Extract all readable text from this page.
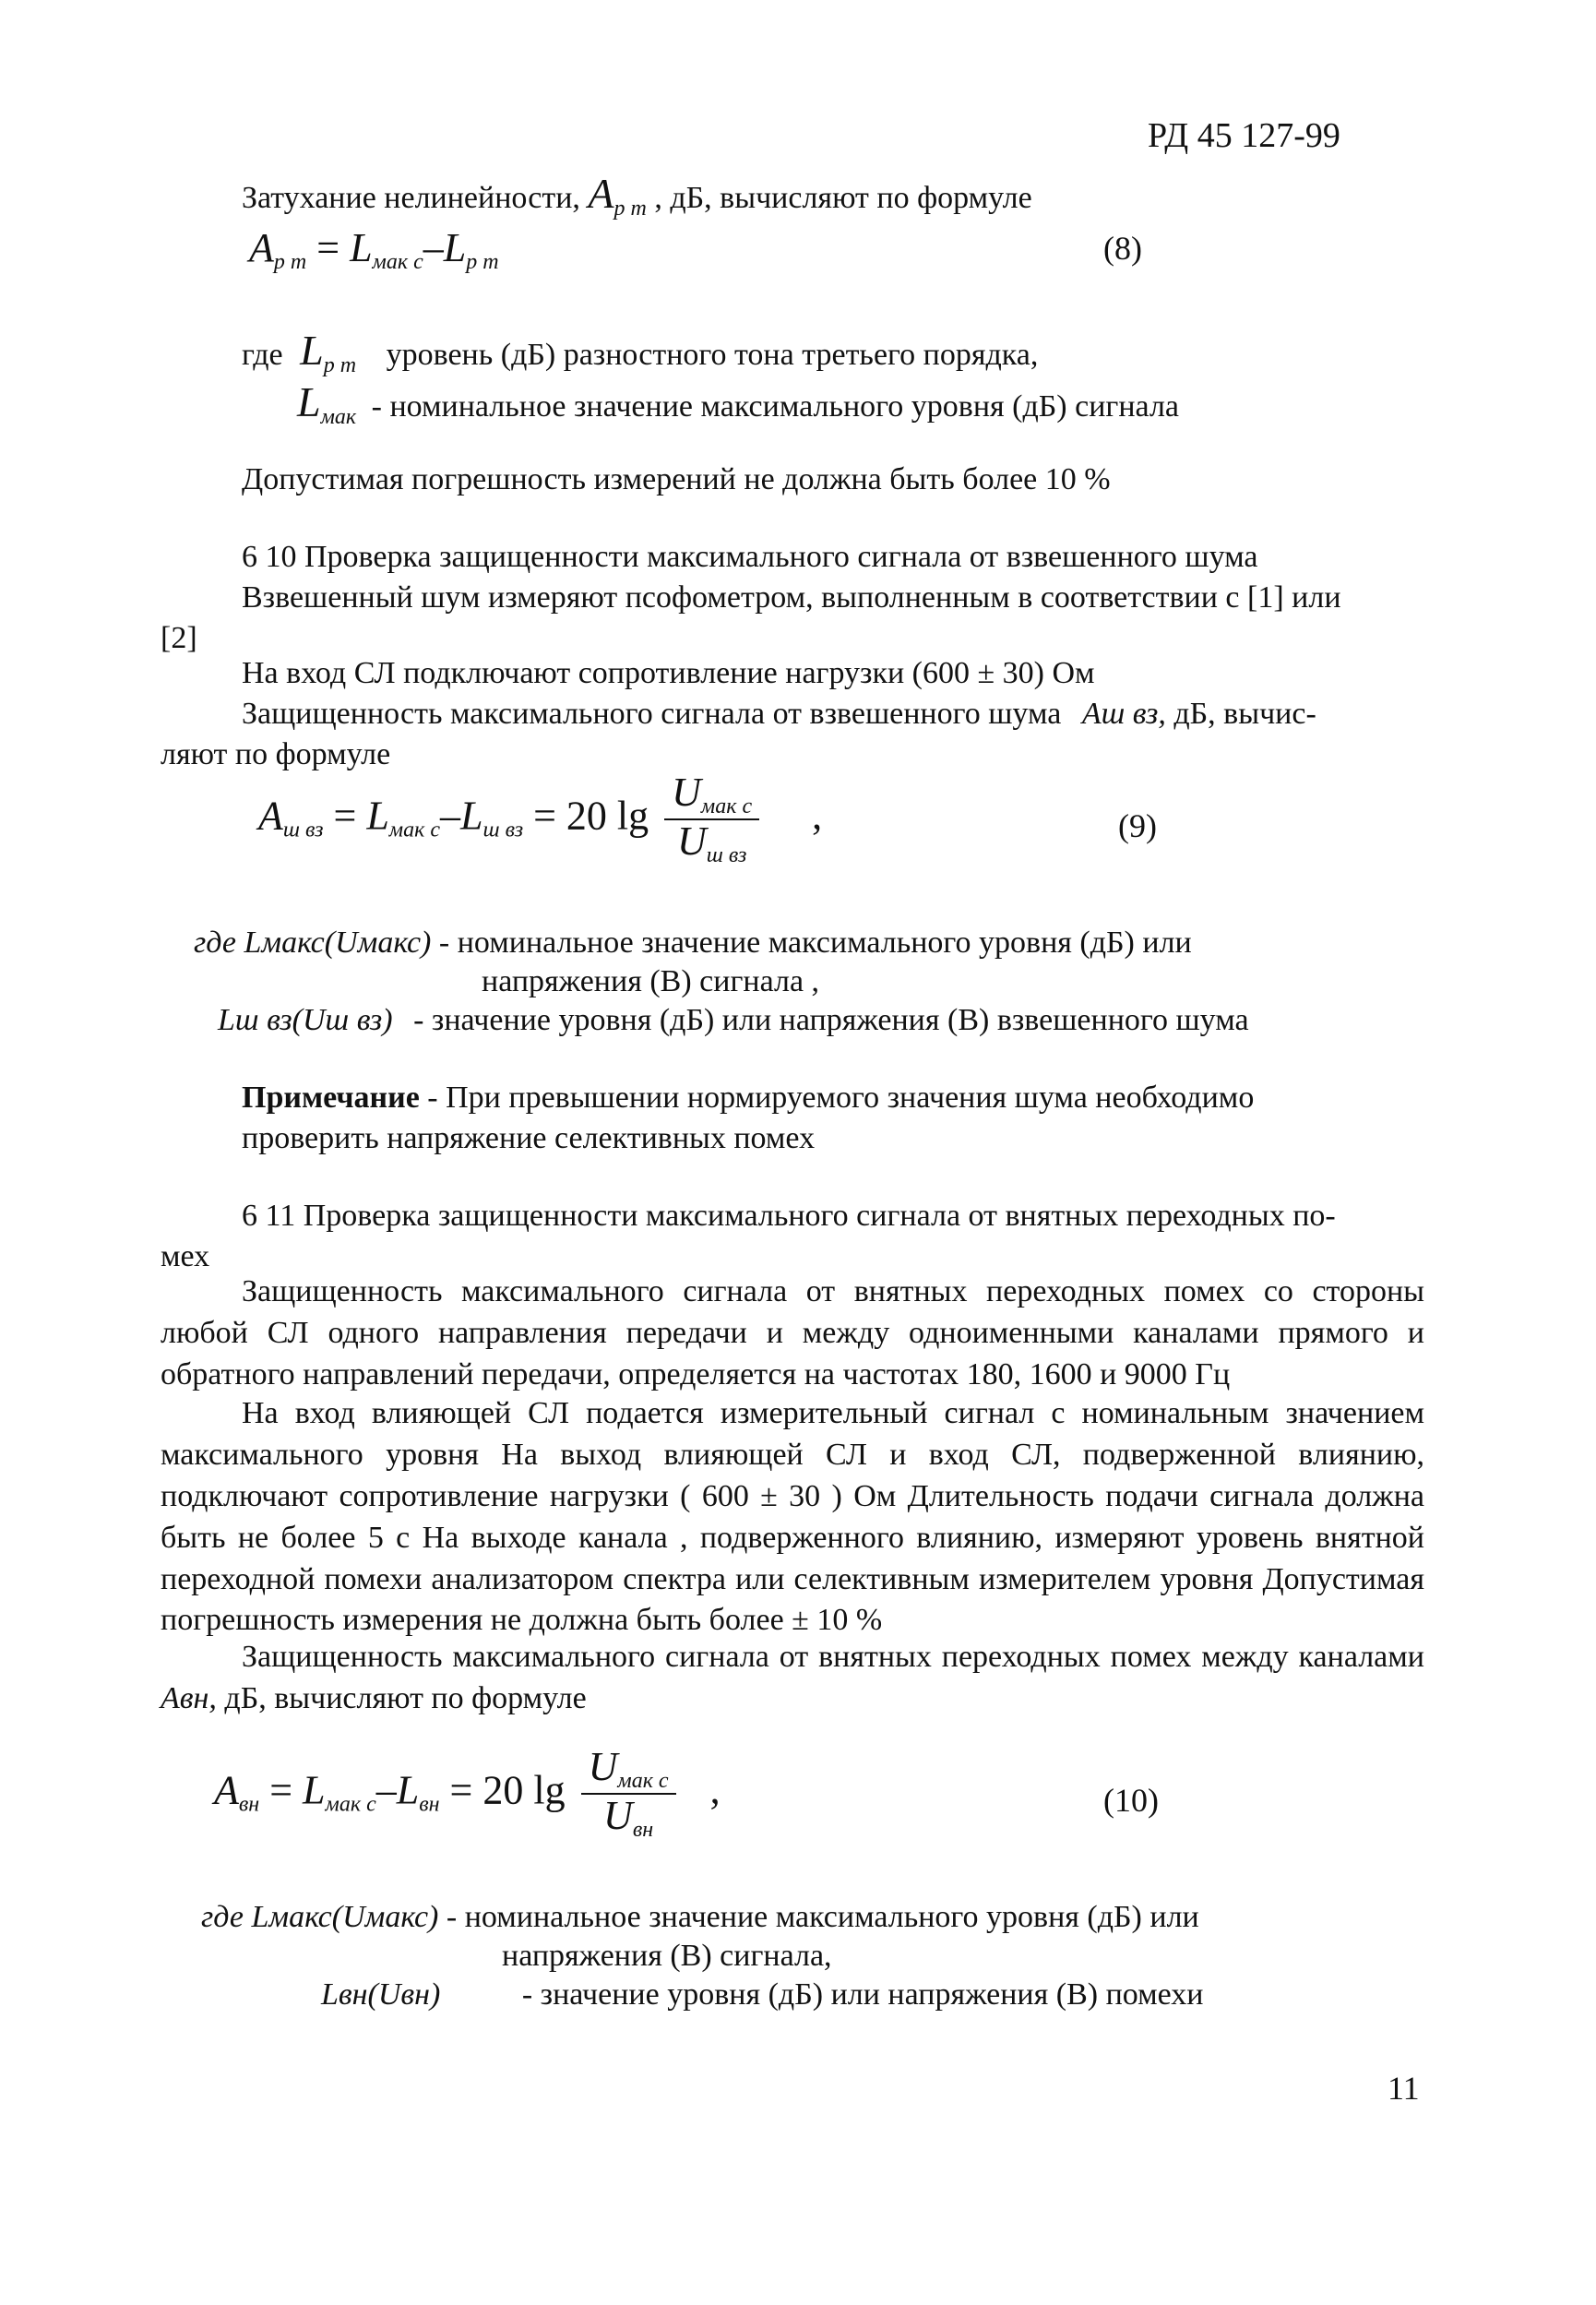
РД 45 127-99
Затухание нелинейности, $A_{р m}$ , дБ, вычисляют по формуле
$A_{р m} = L_{мак с}-L_{р m}$	(8)
где $L_{р m}$ уровень (дБ) разностного тона третьего порядка,
$L_{мак}$ - номинальное значение максимального уровня (дБ) сигнала
Допустимая погрешность измерений не должна быть более 10 %
6 10 Проверка защищенности максимального сигнала от взвешенного шума
Взвешенный шум измеряют псофометром, выполненным в соответствии с [1] или
[2]
На вход СЛ подключают сопротивление нагрузки (600 ± 30) Ом
Защищенность максимального сигнала от взвешенного шума Аш вз, дБ, вычис-
ляют по формуле
$A_{ш вз} = L_{мак с}-L_{ш вз} = 20$ $\lg \frac{U_{мак с}}{U_{ш вз}}$ ,	(9)
где Lмакс(Uмакс) - номинальное значение максимального уровня (дБ) или
напряжения (В) сигнала ,
Lш вз(Uш вз) - значение уровня (дБ) или напряжения (В) взвешенного шума
Примечание - При превышении нормируемого значения шума необходимо
проверить напряжение селективных помех
6 11 Проверка защищенности максимального сигнала от внятных переходных по-
мех
Защищенность максимального сигнала от внятных переходных помех со стороны любой СЛ одного направления передачи и между одноименными каналами прямого и обратного направлений передачи, определяется на частотах 180, 1600 и 9000 Гц
На вход влияющей СЛ подается измерительный сигнал с номинальным значением максимального уровня На выход влияющей СЛ и вход СЛ, подверженной влиянию, подключают сопротивление нагрузки ( 600 ± 30 ) Ом Длительность подачи сигнала должна быть не более 5 с На выходе канала , подверженного влиянию, измеряют уровень внятной переходной помехи анализатором спектра или селективным измерителем уровня Допустимая погрешность измерения не должна быть более ± 10 %
Защищенность максимального сигнала от внятных переходных помех между каналами Авн, дБ, вычисляют по формуле
$A_{вн} = L_{мак с}-L_{вн} = 20$ $\lg \frac{U_{мак с}}{U_{вн}}$ ,	(10)
где Lмакс(Uмакс) - номинальное значение максимального уровня (дБ) или
напряжения (В) сигнала,
Lвн(Uвн)	- значение уровня (дБ) или напряжения (В) помехи
11
